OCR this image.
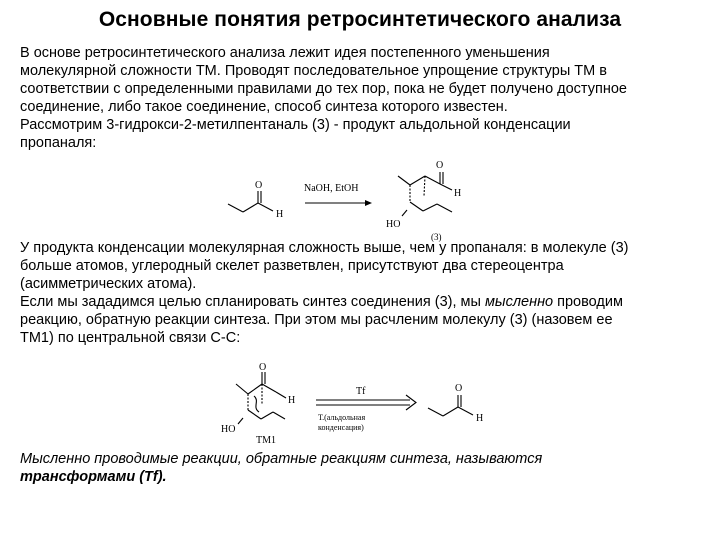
Основные понятия ретросинтетического анализа
В основе ретросинтетического анализа лежит идея постепенного уменьшения
молекулярной сложности ТМ. Проводят последовательное упрощение структуры ТМ в
соответствии с определенными правилами до тех пор, пока не будет получено доступное
соединение, либо такое соединение, способ синтеза которого известен.
Рассмотрим 3-гидрокси-2-метилпентаналь (3) - продукт альдольной конденсации
пропаналя:
O
H
NaOH, EtOH
O
H
HO
(3)
У продукта конденсации молекулярная сложность выше, чем у пропаналя: в молекуле (3)
больше атомов, углеродный скелет разветвлен, присутствуют два стереоцентра
(асимметрических атома).
Если мы зададимся целью спланировать синтез соединения (3), мы мысленно проводим
реакцию, обратную реакции синтеза. При этом мы расчленим молекулу (3) (назовем ее
ТМ1) по центральной связи С-С:
O
H
HO
TM1
Tf
Т.(альдольная
конденсация)
O
H
Мысленно проводимые реакции, обратные реакциям синтеза, называются
трансформами (Tf).
